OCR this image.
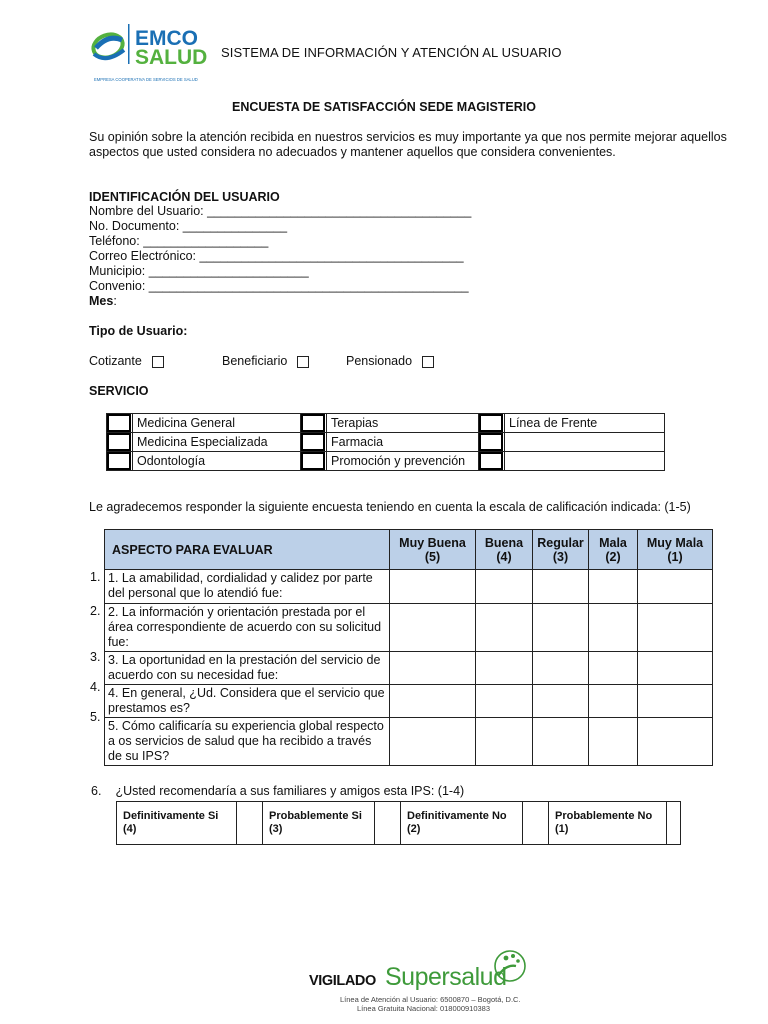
EMCO
SALUD
EMPRESA COOPERATIVA DE SERVICIOS DE SALUD
SISTEMA DE INFORMACIÓN Y ATENCIÓN AL USUARIO
ENCUESTA DE SATISFACCIÓN SEDE MAGISTERIO
Su opinión sobre la atención recibida en nuestros servicios es muy importante ya que nos permite mejorar aquellos aspectos que usted considera no adecuados y mantener aquellos que considera convenientes.
IDENTIFICACIÓN DEL USUARIO
Nombre del Usuario: ______________________________________
No. Documento: _______________
Teléfono: __________________
Correo Electrónico: ______________________________________
Municipio: _______________________
Convenio: ______________________________________________
Mes:
Tipo de Usuario:
Cotizante	Beneficiario	Pensionado
SERVICIO
	Medicina General		Terapias		Línea de Frente

	Medicina Especializada		Farmacia	

	Odontología		Promoción y prevención	

Le agradecemos responder la siguiente encuesta teniendo en cuenta la escala de calificación indicada: (1-5)
1.
2.
3.
4.
5.
ASPECTO PARA EVALUAR	Muy Buena (5)	Buena (4)	Regular (3)	Mala (2)	Muy Mala (1)
1. La amabilidad, cordialidad y calidez por parte del personal que lo atendió fue:					
2. La información y orientación prestada por el área correspondiente de acuerdo con su solicitud fue:					
3. La oportunidad en la prestación del servicio de acuerdo con su necesidad fue:					
4. En general, ¿Ud. Considera que el servicio que prestamos es?					
5. Cómo calificaría su experiencia global respecto a os servicios de salud que ha recibido a través de su IPS?					
6. ¿Usted recomendaría a sus familiares y amigos esta IPS: (1-4)
Definitivamente Si (4)		Probablemente Si (3)		Definitivamente No (2)		Probablemente No (1)	
VIGILADO Supersalud
Línea de Atención al Usuario: 6500870 – Bogotá, D.C.
Línea Gratuita Nacional: 018000910383
